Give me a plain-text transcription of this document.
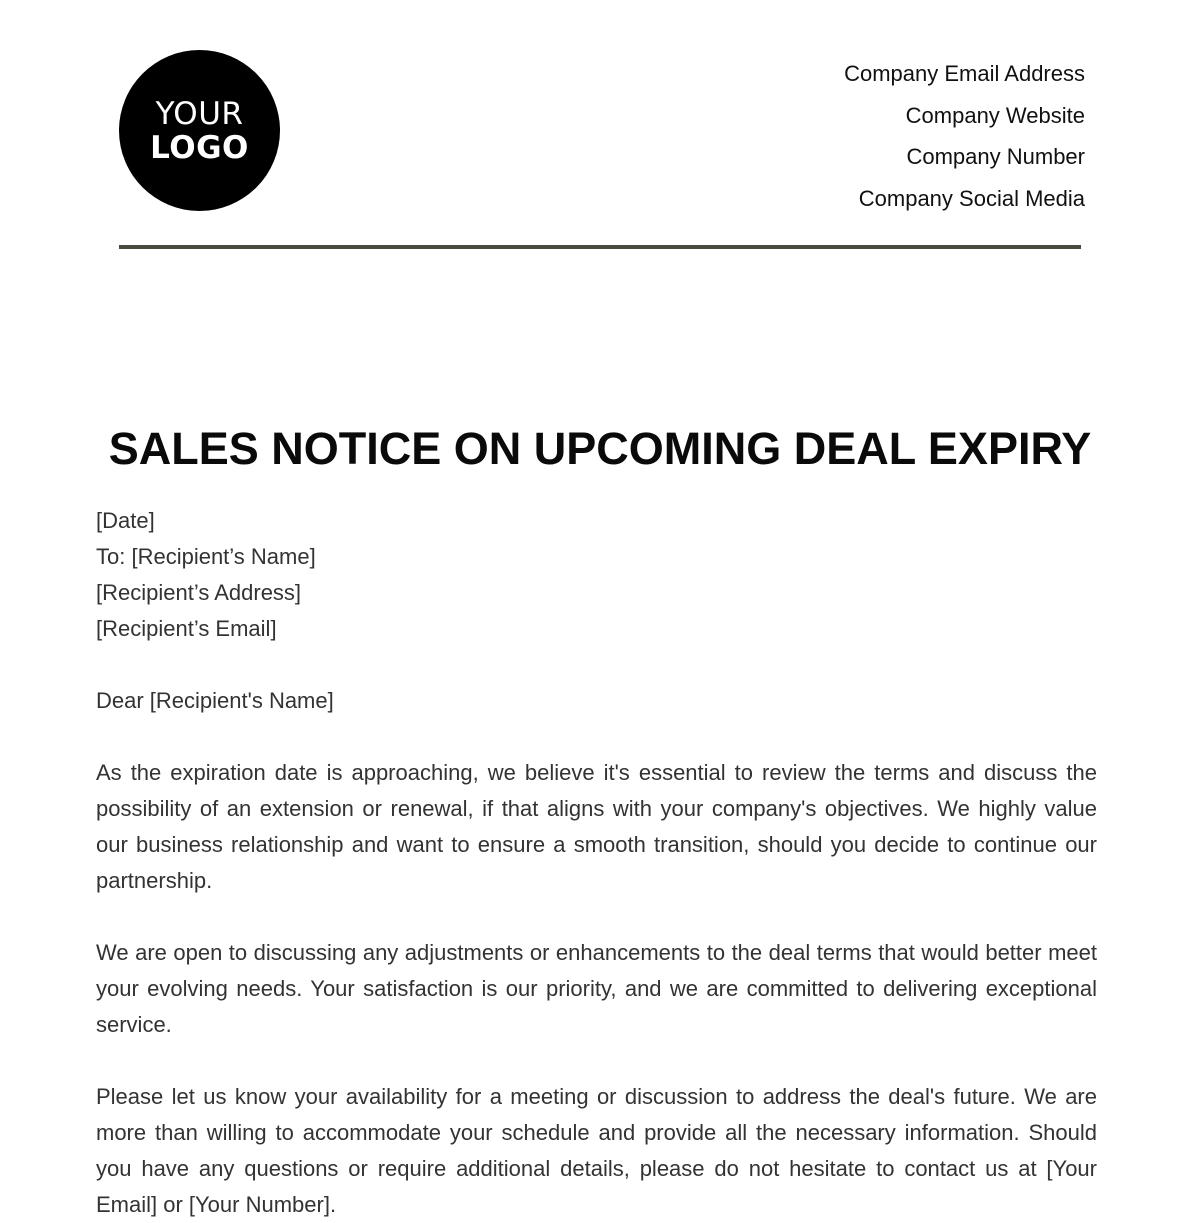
YOUR
LOGO
Company Email Address
Company Website
Company Number
Company Social Media
SALES NOTICE ON UPCOMING DEAL EXPIRY
[Date]
To: [Recipient’s Name]
[Recipient’s Address]
[Recipient’s Email]
Dear [Recipient's Name]

As the expiration date is approaching, we believe it's essential to review the terms and discuss the possibility of an extension or renewal, if that aligns with your company's objectives. We highly value our business relationship and want to ensure a smooth transition, should you decide to continue our partnership.

We are open to discussing any adjustments or enhancements to the deal terms that would better meet your evolving needs. Your satisfaction is our priority, and we are committed to delivering exceptional service.

Please let us know your availability for a meeting or discussion to address the deal's future. We are more than willing to accommodate your schedule and provide all the necessary information. Should you have any questions or require additional details, please do not hesitate to contact us at [Your Email] or [Your Number].
